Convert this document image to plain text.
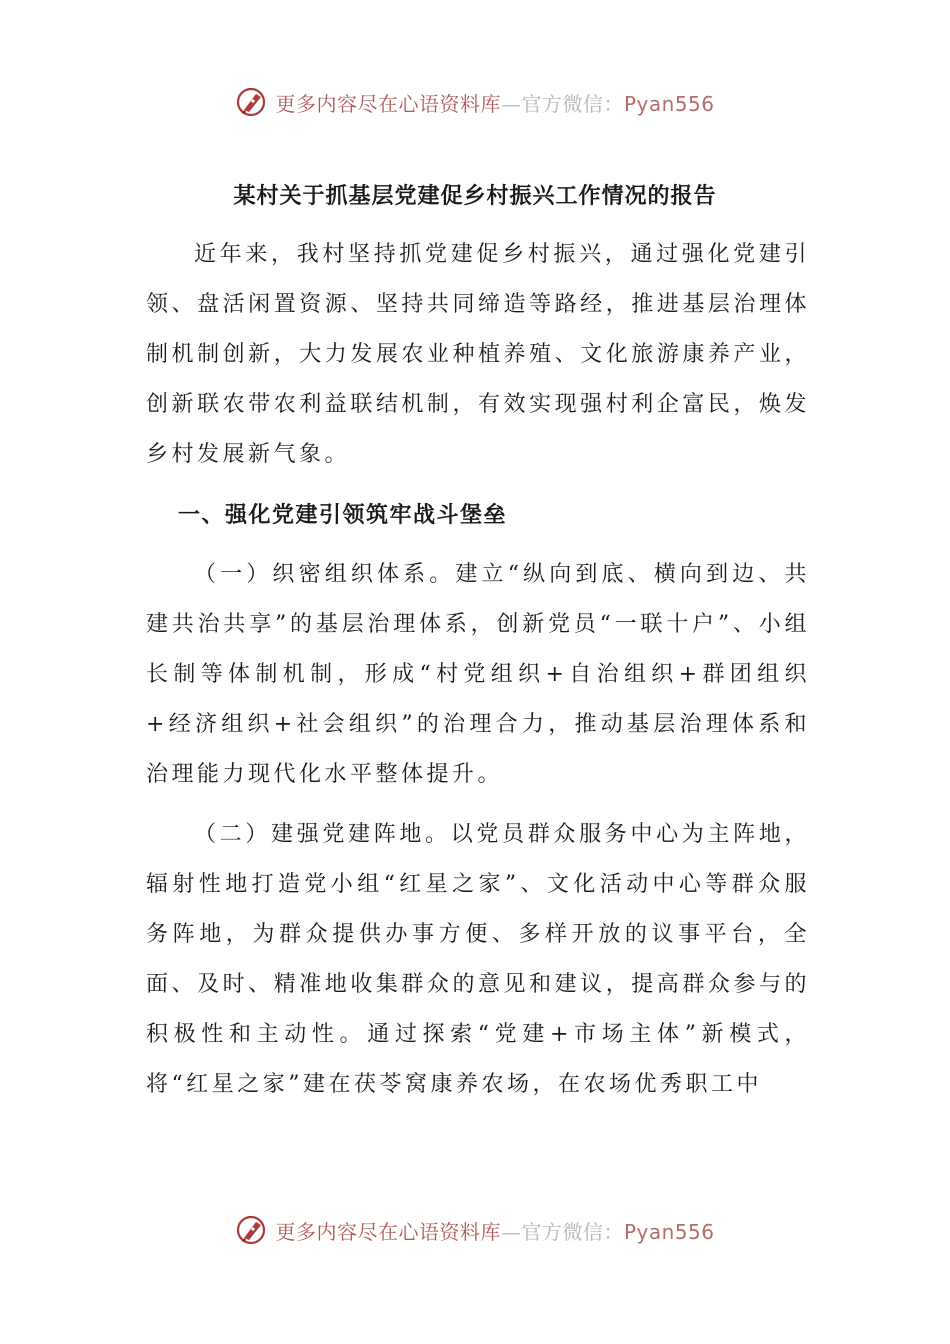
更多内容尽在心语资料库—官方微信：Pyan556
某村关于抓基层党建促乡村振兴工作情况的报告

近年来，我村坚持抓党建促乡村振兴，通过强化党建引领、盘活闲置资源、坚持共同缔造等路经，推进基层治理体制机制创新，大力发展农业种植养殖、文化旅游康养产业，创新联农带农利益联结机制，有效实现强村利企富民，焕发乡村发展新气象。

一、强化党建引领筑牢战斗堡垒

（一）织密组织体系。建立“纵向到底、横向到边、共建共治共享”的基层治理体系，创新党员“一联十户”、小组长制等体制机制，形成“村党组织+自治组织+群团组织+经济组织+社会组织”的治理合力，推动基层治理体系和治理能力现代化水平整体提升。

（二）建强党建阵地。以党员群众服务中心为主阵地，辐射性地打造党小组“红星之家”、文化活动中心等群众服务阵地，为群众提供办事方便、多样开放的议事平台，全面、及时、精准地收集群众的意见和建议，提高群众参与的积极性和主动性。通过探索“党建+市场主体”新模式，将“红星之家”建在茯苓窝康养农场，在农场优秀职工中

更多内容尽在心语资料库—官方微信：Pyan556
